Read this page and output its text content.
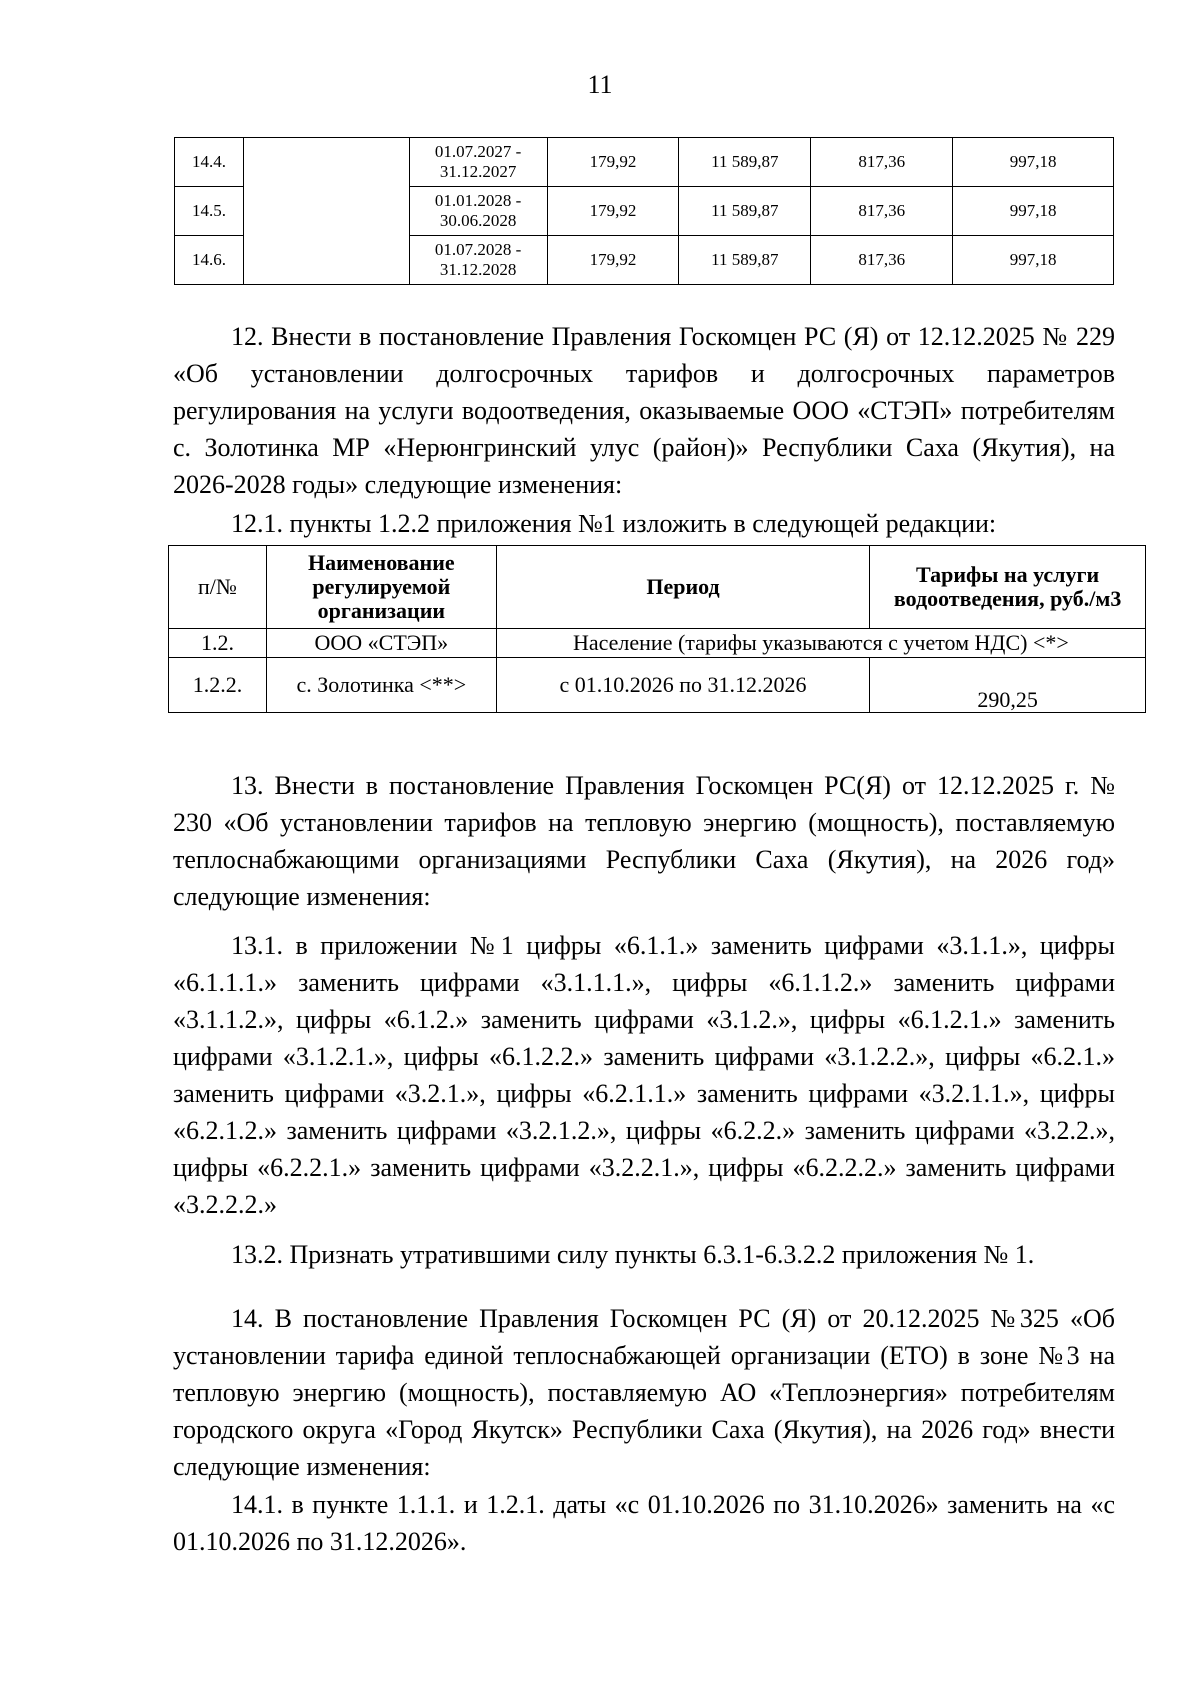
11
14.4.		01.07.2027 - 31.12.2027	179,92	11 589,87	817,36	997,18
14.5.		01.01.2028 - 30.06.2028	179,92	11 589,87	817,36	997,18
14.6.		01.07.2028 - 31.12.2028	179,92	11 589,87	817,36	997,18

12. Внести в постановление Правления Госкомцен РС (Я) от 12.12.2025 № 229 «Об установлении долгосрочных тарифов и долгосрочных параметров регулирования на услуги водоотведения, оказываемые ООО «СТЭП» потребителям с. Золотинка МР «Нерюнгринский улус (район)» Республики Саха (Якутия), на 2026-2028 годы» следующие изменения:

12.1. пункты 1.2.2 приложения №1 изложить в следующей редакции:

п/№	Наименование регулируемой организации	Период	Тарифы на услуги водоотведения, руб./м3
1.2.	ООО «СТЭП»	Население (тарифы указываются с учетом НДС) <*>	
1.2.2.	с. Золотинка <**>	с 01.10.2026 по 31.12.2026	290,25

13. Внести в постановление Правления Госкомцен РС(Я) от 12.12.2025 г. № 230 «Об установлении тарифов на тепловую энергию (мощность), поставляемую теплоснабжающими организациями Республики Саха (Якутия), на 2026 год» следующие изменения:

13.1. в приложении №1 цифры «6.1.1.» заменить цифрами «3.1.1.», цифры «6.1.1.1.» заменить цифрами «3.1.1.1.», цифры «6.1.1.2.» заменить цифрами «3.1.1.2.», цифры «6.1.2.» заменить цифрами «3.1.2.», цифры «6.1.2.1.» заменить цифрами «3.1.2.1.», цифры «6.1.2.2.» заменить цифрами «3.1.2.2.», цифры «6.2.1.» заменить цифрами «3.2.1.», цифры «6.2.1.1.» заменить цифрами «3.2.1.1.», цифры «6.2.1.2.» заменить цифрами «3.2.1.2.», цифры «6.2.2.» заменить цифрами «3.2.2.», цифры «6.2.2.1.» заменить цифрами «3.2.2.1.», цифры «6.2.2.2.» заменить цифрами «3.2.2.2.»

13.2. Признать утратившими силу пункты 6.3.1-6.3.2.2 приложения № 1.

14. В постановление Правления Госкомцен РС (Я) от 20.12.2025 №325 «Об установлении тарифа единой теплоснабжающей организации (ЕТО) в зоне №3 на тепловую энергию (мощность), поставляемую АО «Теплоэнергия» потребителям городского округа «Город Якутск» Республики Саха (Якутия), на 2026 год» внести следующие изменения:

14.1. в пункте 1.1.1. и 1.2.1. даты «с 01.10.2026 по 31.10.2026» заменить на «с 01.10.2026 по 31.12.2026».
